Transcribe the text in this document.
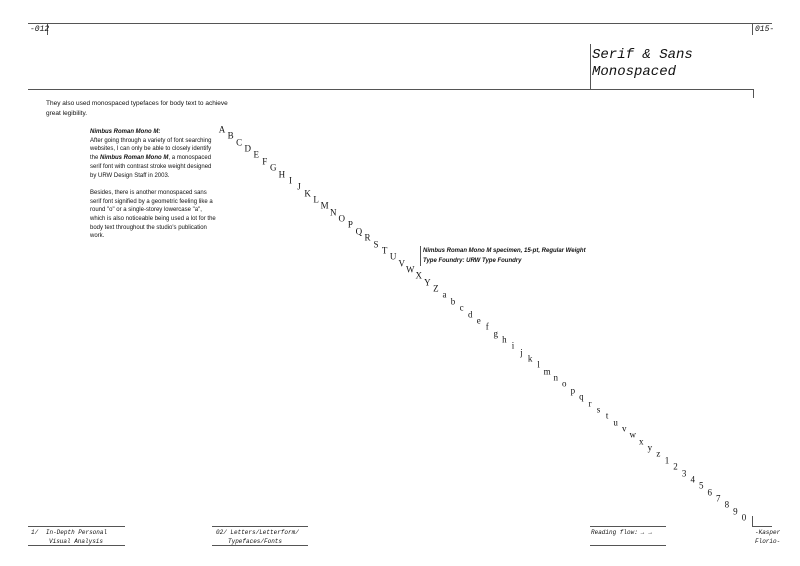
-012	015-
Serif & Sans
Monospaced
They also used monospaced typefaces for body text to achieve great legibility.

Nimbus Roman Mono M:
After going through a variety of font searching websites, I can only be able to closely identify the Nimbus Roman Mono M, a monospaced serif font with contrast stroke weight designed by URW Design Staff in 2003.

Besides, there is another monospaced sans serif font signified by a geometric feeling like a round "o" or a single-storey lowercase "a", which is also noticeable being used a lot for the body text throughout the studio's publication work.

Nimbus Roman Mono M specimen, 15-pt, Regular Weight
Type Foundry: URW Type Foundry
A
B
C
D
E
F
G
H
I
J
K
L
M
N
O
P
Q
R
S
T
U
V
W
X
Y
Z
a
b
c
d
e
f
g
h
i
j
k
l
m
n
o
p
q
r
s
t
u
v
w
x
y
z
1
2
3
4
5
6
7
8
9
0
1/ In-Depth Personal
Visual Analysis
02/ Letters/Letterform/
Typefaces/Fonts
Reading flow: → →	-Kasper
Florio-
